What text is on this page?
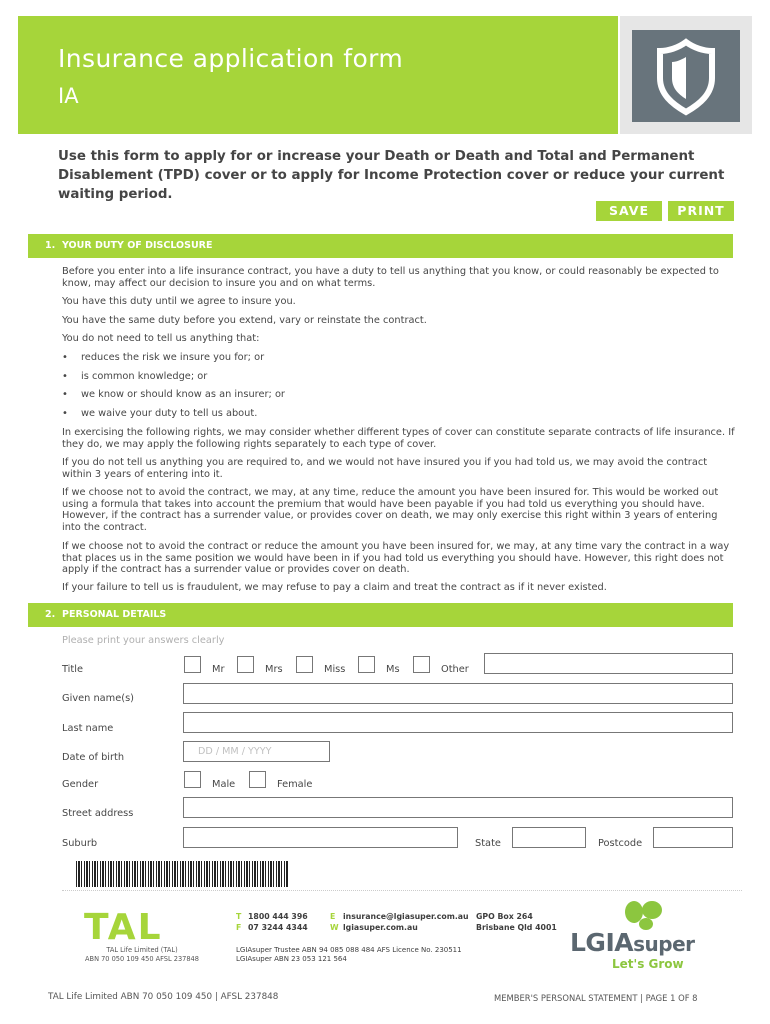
Insurance application form
IA
Use this form to apply for or increase your Death or Death and Total and Permanent Disablement (TPD) cover or to apply for Income Protection cover or reduce your current waiting period.
SAVE	PRINT
1. YOUR DUTY OF DISCLOSURE
Before you enter into a life insurance contract, you have a duty to tell us anything that you know, or could reasonably be expected to know, may affect our decision to insure you and on what terms.
You have this duty until we agree to insure you.
You have the same duty before you extend, vary or reinstate the contract.
You do not need to tell us anything that:
• reduces the risk we insure you for; or
• is common knowledge; or
• we know or should know as an insurer; or
• we waive your duty to tell us about.
In exercising the following rights, we may consider whether different types of cover can constitute separate contracts of life insurance. If they do, we may apply the following rights separately to each type of cover.
If you do not tell us anything you are required to, and we would not have insured you if you had told us, we may avoid the contract within 3 years of entering into it.
If we choose not to avoid the contract, we may, at any time, reduce the amount you have been insured for. This would be worked out using a formula that takes into account the premium that would have been payable if you had told us everything you should have. However, if the contract has a surrender value, or provides cover on death, we may only exercise this right within 3 years of entering into the contract.
If we choose not to avoid the contract or reduce the amount you have been insured for, we may, at any time vary the contract in a way that places us in the same position we would have been in if you had told us everything you should have. However, this right does not apply if the contract has a surrender value or provides cover on death.
If your failure to tell us is fraudulent, we may refuse to pay a claim and treat the contract as if it never existed.
2. PERSONAL DETAILS
Please print your answers clearly
Title	Mr	Mrs	Miss	Ms	Other
Given name(s)
Last name
Date of birth
DD / MM / YYYY
Gender	Male	Female
Street address
Suburb	State	Postcode
TAL
TAL Life Limited (TAL)
ABN 70 050 109 450 AFSL 237848
T 1800 444 396
F 07 3244 4344
E insurance@lgiasuper.com.au
W lgiasuper.com.au
GPO Box 264
Brisbane Qld 4001
LGIAsuper Trustee ABN 94 085 088 484 AFS Licence No. 230511
LGIAsuper ABN 23 053 121 564
LGIAsuper
Let's Grow
TAL Life Limited ABN 70 050 109 450 | AFSL 237848	MEMBER'S PERSONAL STATEMENT | PAGE 1 OF 8
